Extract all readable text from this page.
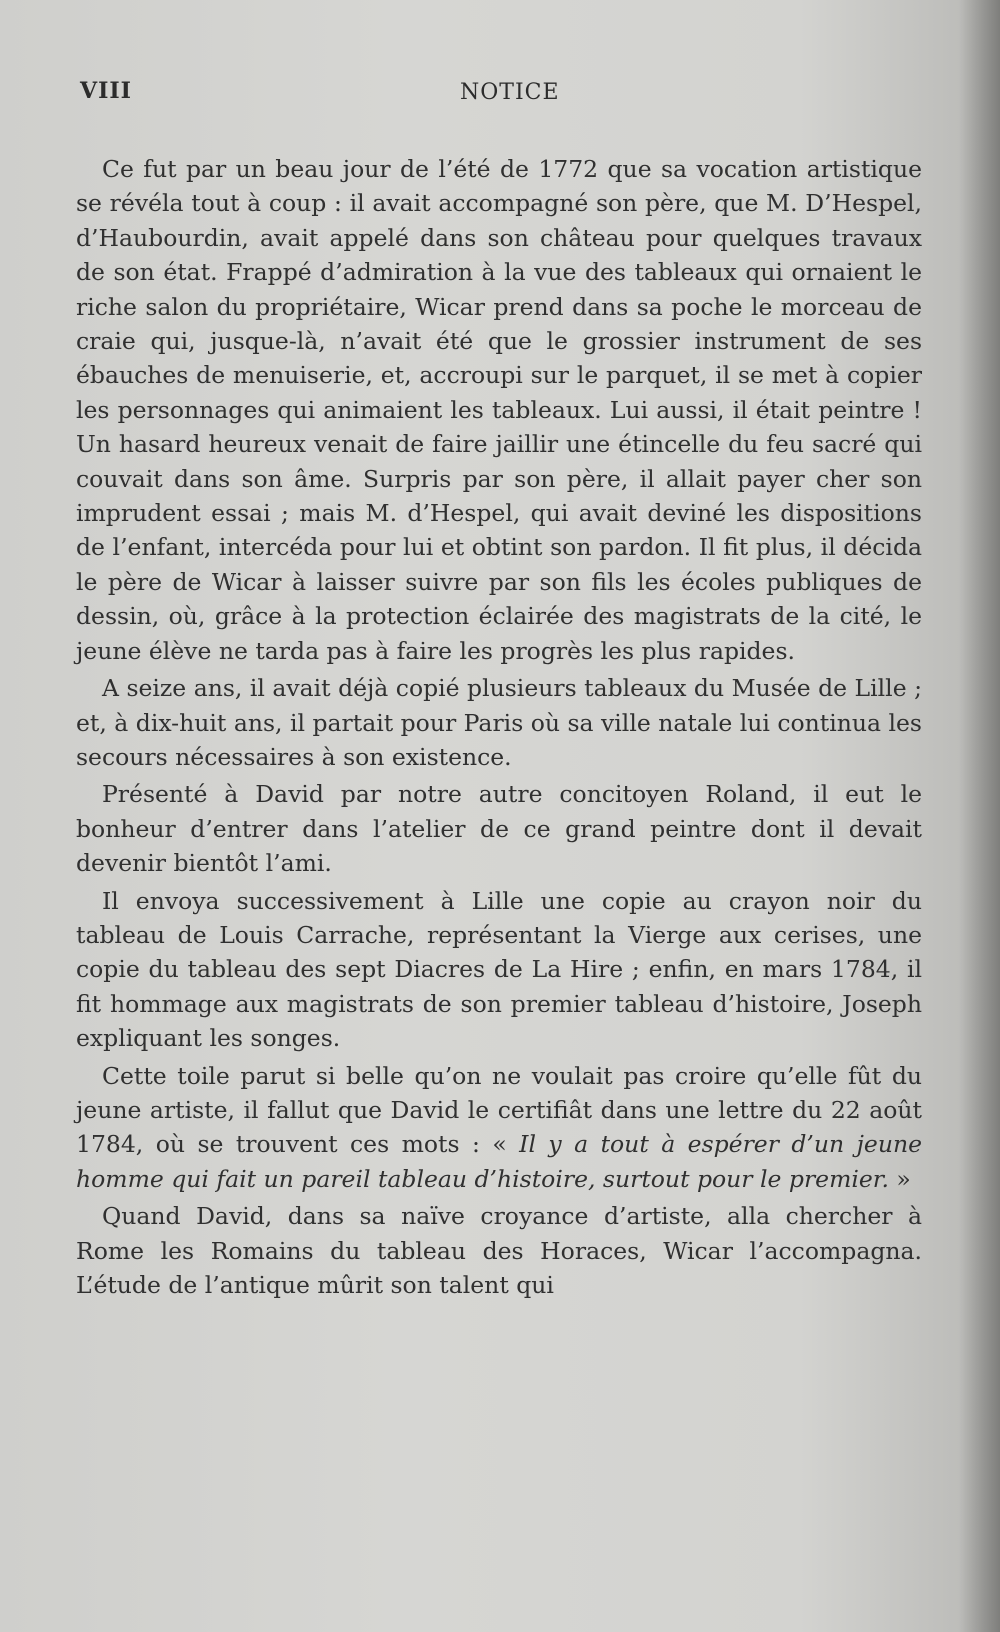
VIII	NOTICE

Ce fut par un beau jour de l’été de 1772 que sa vocation artistique se révéla tout à coup : il avait accompagné son père, que M. D’Hespel, d’Haubourdin, avait appelé dans son château pour quelques travaux de son état. Frappé d’admiration à la vue des tableaux qui ornaient le riche salon du propriétaire, Wicar prend dans sa poche le morceau de craie qui, jusque-là, n’avait été que le grossier instrument de ses ébauches de menuiserie, et, accroupi sur le parquet, il se met à copier les personnages qui animaient les tableaux. Lui aussi, il était peintre ! Un hasard heureux venait de faire jaillir une étincelle du feu sacré qui couvait dans son âme. Surpris par son père, il allait payer cher son imprudent essai ; mais M. d’Hespel, qui avait deviné les dispositions de l’enfant, intercéda pour lui et obtint son pardon. Il fit plus, il décida le père de Wicar à laisser suivre par son fils les écoles publiques de dessin, où, grâce à la protection éclairée des magistrats de la cité, le jeune élève ne tarda pas à faire les progrès les plus rapides.

A seize ans, il avait déjà copié plusieurs tableaux du Musée de Lille ; et, à dix-huit ans, il partait pour Paris où sa ville natale lui continua les secours nécessaires à son existence.

Présenté à David par notre autre concitoyen Roland, il eut le bonheur d’entrer dans l’atelier de ce grand peintre dont il devait devenir bientôt l’ami.

Il envoya successivement à Lille une copie au crayon noir du tableau de Louis Carrache, représentant la Vierge aux cerises, une copie du tableau des sept Diacres de La Hire ; enfin, en mars 1784, il fit hommage aux magistrats de son premier tableau d’histoire, Joseph expliquant les songes.

Cette toile parut si belle qu’on ne voulait pas croire qu’elle fût du jeune artiste, il fallut que David le certifiât dans une lettre du 22 août 1784, où se trouvent ces mots : « Il y a tout à espérer d’un jeune homme qui fait un pareil tableau d’histoire, surtout pour le premier. »

Quand David, dans sa naïve croyance d’artiste, alla chercher à Rome les Romains du tableau des Horaces, Wicar l’accompagna. L’étude de l’antique mûrit son talent qui
